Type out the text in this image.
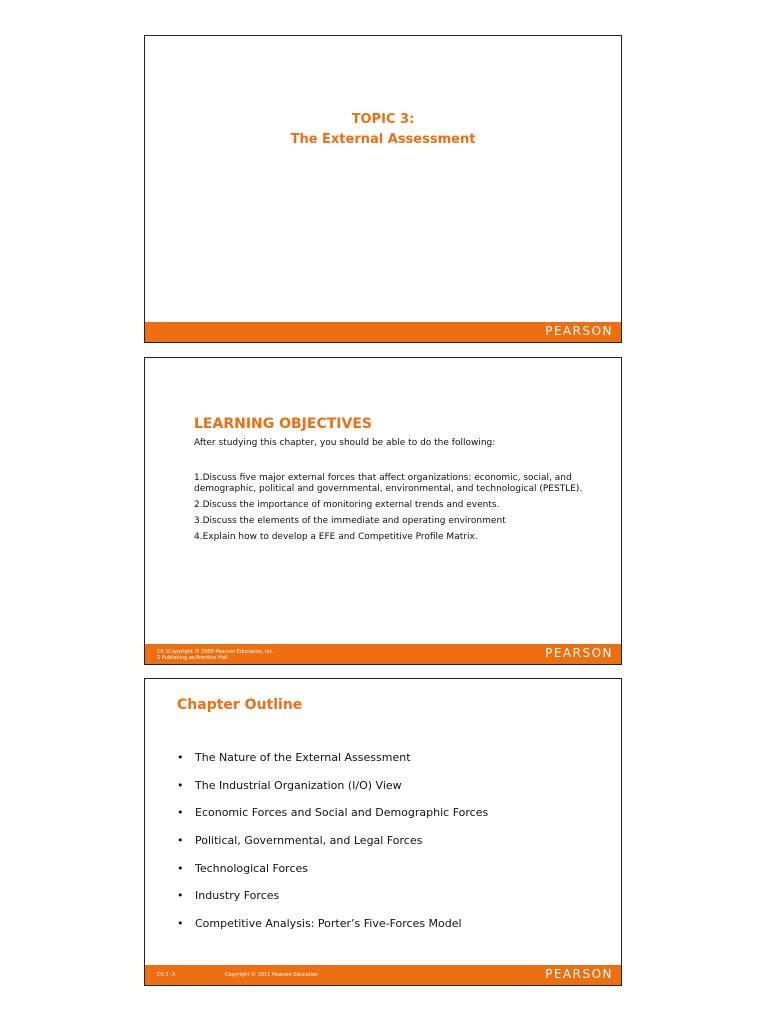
TOPIC 3:
The External Assessment
PEARSON
LEARNING OBJECTIVES
After studying this chapter, you should be able to do the following:
1.Discuss five major external forces that affect organizations: economic, social, and demographic, political and governmental, environmental, and technological (PESTLE).
2.Discuss the importance of monitoring external trends and events.
3.Discuss the elements of the immediate and operating environment
4.Explain how to develop a EFE and Competitive Profile Matrix.
Ch 1Copyright © 2009 Pearson Education, Inc.
2 Publishing as Prentice Hall	PEARSON
Chapter Outline
•	The Nature of the External Assessment
•	The Industrial Organization (I/O) View
•	Economic Forces and Social and Demographic Forces
•	Political, Governmental, and Legal Forces
•	Technological Forces
•	Industry Forces
•	Competitive Analysis: Porter’s Five-Forces Model
Ch 3 -3	Copyright © 2011 Pearson Education	PEARSON
